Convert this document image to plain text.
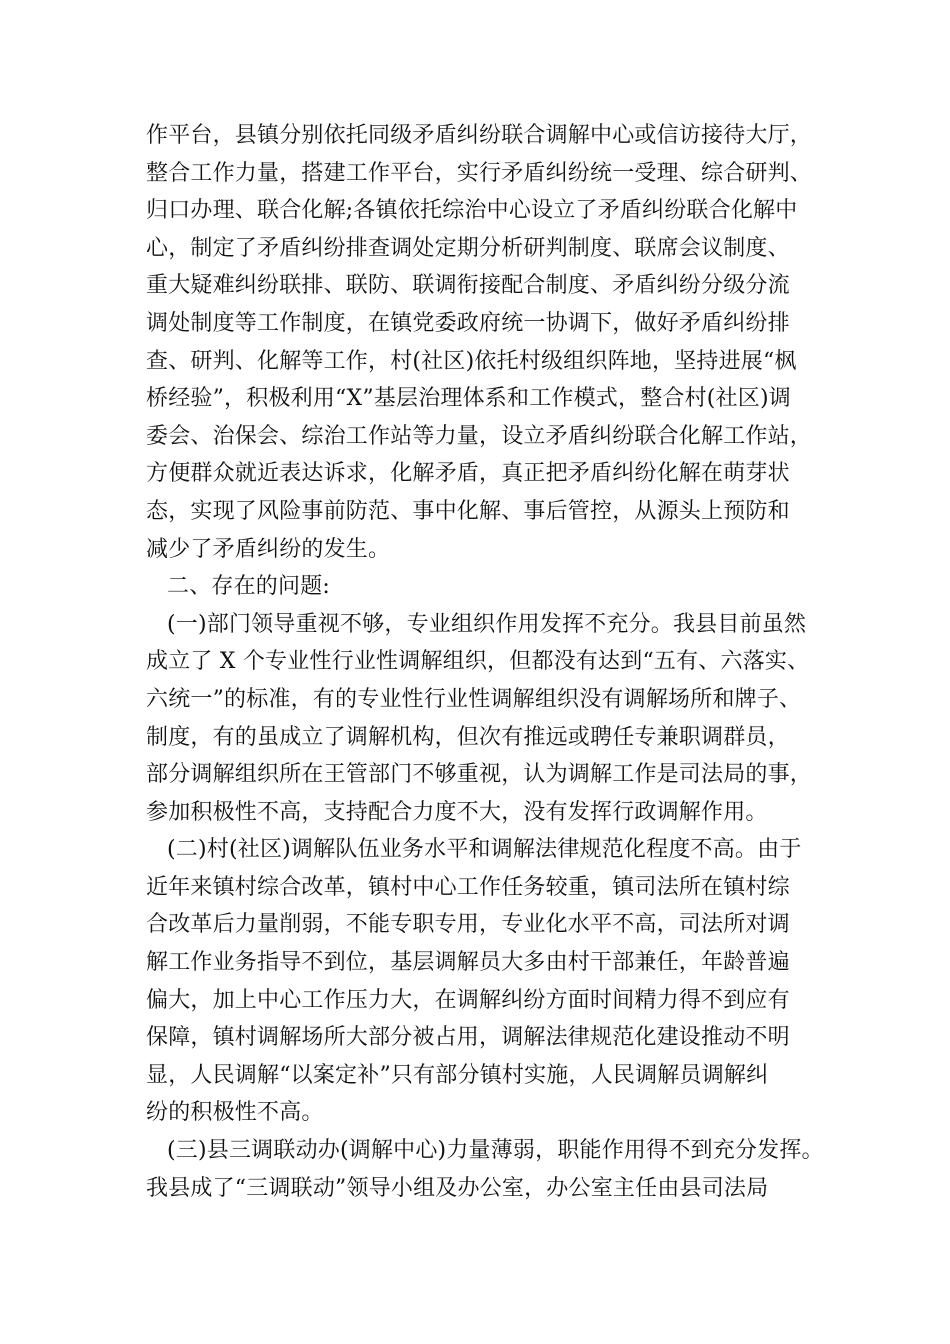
作平台，县镇分别依托同级矛盾纠纷联合调解中心或信访接待大厅，
整合工作力量，搭建工作平台，实行矛盾纠纷统一受理、综合研判、
归口办理、联合化解;各镇依托综治中心设立了矛盾纠纷联合化解中
心，制定了矛盾纠纷排查调处定期分析研判制度、联席会议制度、
重大疑难纠纷联排、联防、联调衔接配合制度、矛盾纠纷分级分流
调处制度等工作制度，在镇党委政府统一协调下，做好矛盾纠纷排
查、研判、化解等工作，村(社区)依托村级组织阵地，坚持进展“枫
桥经验”，积极利用“X”基层治理体系和工作模式，整合村(社区)调
委会、治保会、综治工作站等力量，设立矛盾纠纷联合化解工作站，
方便群众就近表达诉求，化解矛盾，真正把矛盾纠纷化解在萌芽状
态，实现了风险事前防范、事中化解、事后管控，从源头上预防和
减少了矛盾纠纷的发生。
二、存在的问题:
(一)部门领导重视不够，专业组织作用发挥不充分。我县目前虽然
成立了 X 个专业性行业性调解组织，但都没有达到“五有、六落实、
六统一”的标准，有的专业性行业性调解组织没有调解场所和牌子、
制度，有的虽成立了调解机构，但次有推远或聘任专兼职调群员，
部分调解组织所在王管部门不够重视，认为调解工作是司法局的事，
参加积极性不高，支持配合力度不大，没有发挥行政调解作用。
(二)村(社区)调解队伍业务水平和调解法律规范化程度不高。由于
近年来镇村综合改革，镇村中心工作任务较重，镇司法所在镇村综
合改革后力量削弱，不能专职专用，专业化水平不高，司法所对调
解工作业务指导不到位，基层调解员大多由村干部兼任，年龄普遍
偏大，加上中心工作压力大，在调解纠纷方面时间精力得不到应有
保障，镇村调解场所大部分被占用，调解法律规范化建设推动不明
显，人民调解“以案定补”只有部分镇村实施，人民调解员调解纠
纷的积极性不高。
(三)县三调联动办(调解中心)力量薄弱，职能作用得不到充分发挥。
我县成了“三调联动”领导小组及办公室，办公室主任由县司法局
